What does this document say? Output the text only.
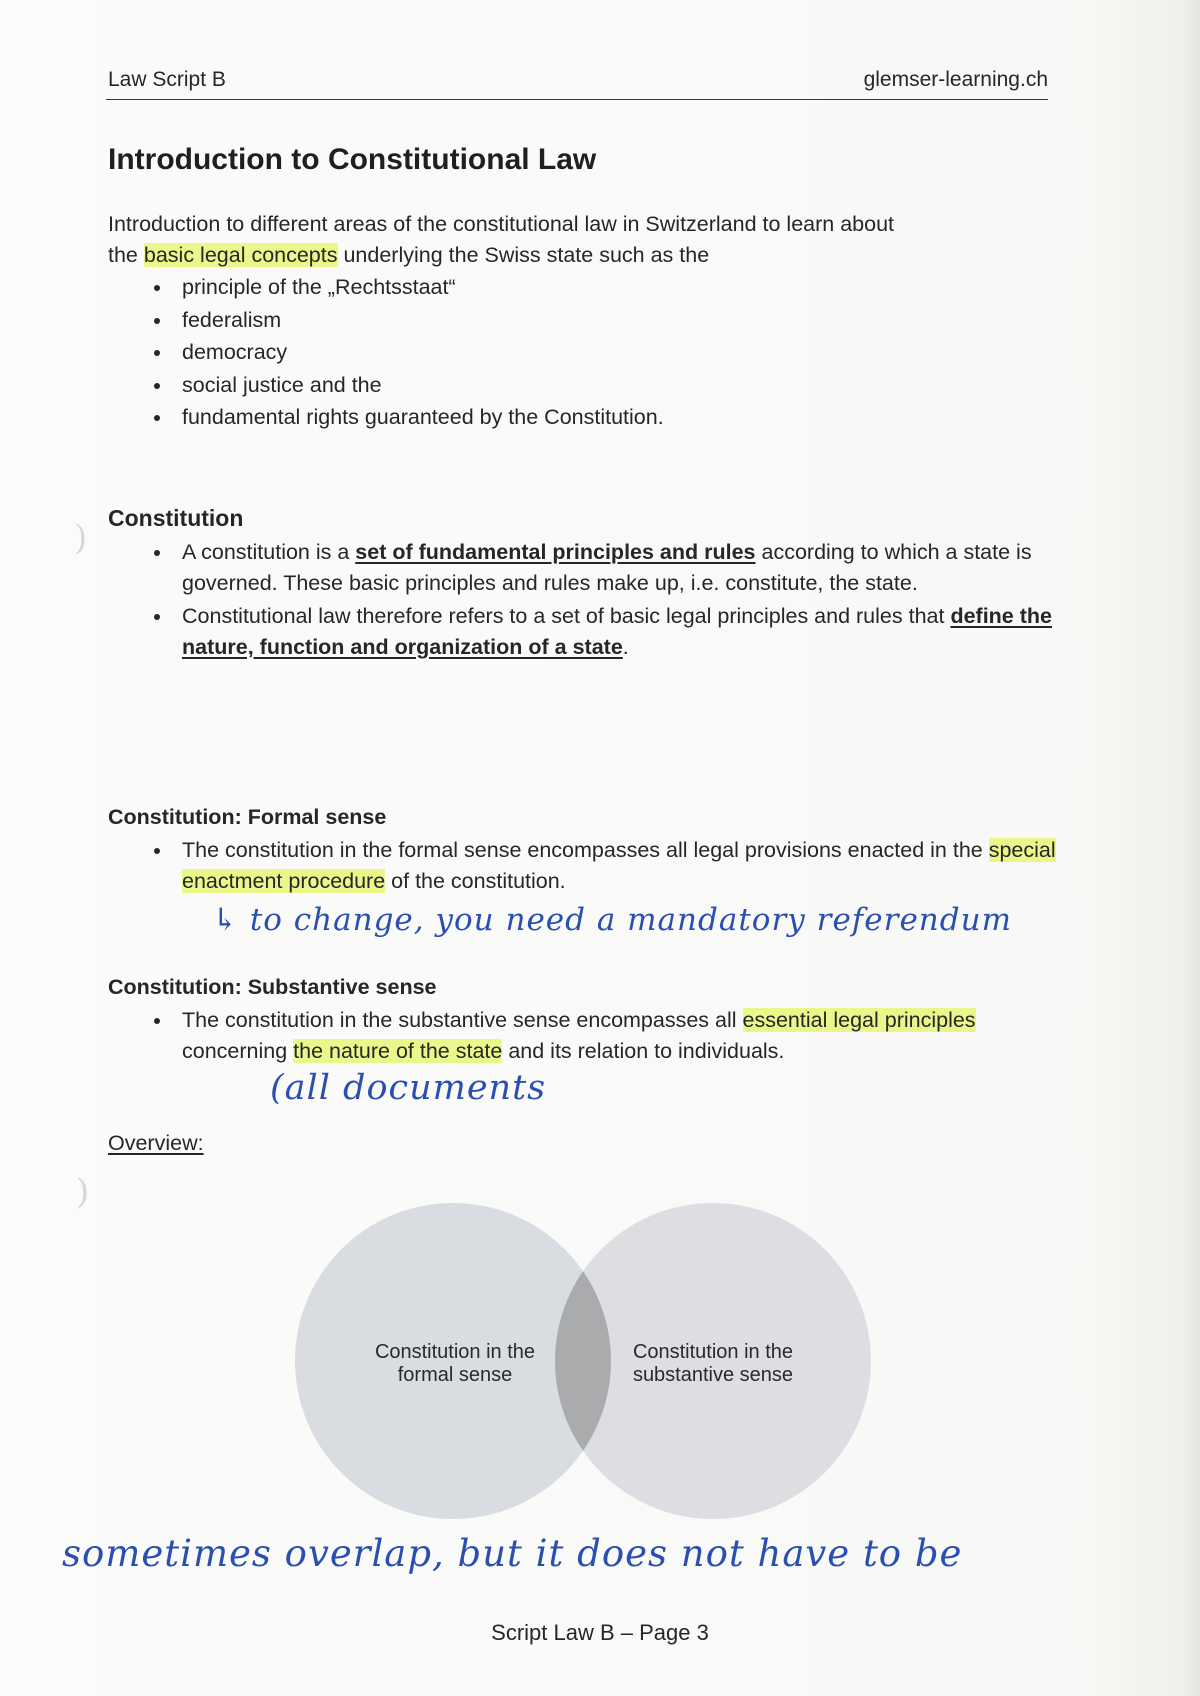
Law Script B	glemser-learning.ch
Introduction to Constitutional Law
Introduction to different areas of the constitutional law in Switzerland to learn about
the basic legal concepts underlying the Swiss state such as the
principle of the „Rechtsstaat“
federalism
democracy
social justice and the
fundamental rights guaranteed by the Constitution.
) Constitution
A constitution is a set of fundamental principles and rules according to which a state is governed. These basic principles and rules make up, i.e. constitute, the state.
Constitutional law therefore refers to a set of basic legal principles and rules that define the nature, function and organization of a state.
Constitution: Formal sense
The constitution in the formal sense encompasses all legal provisions enacted in the special enactment procedure of the constitution.
↳ to change, you need a mandatory referendum
Constitution: Substantive sense
The constitution in the substantive sense encompasses all essential legal principles concerning the nature of the state and its relation to individuals.
(all documents
Overview:
)
Constitution in the
formal sense
Constitution in the
substantive sense
sometimes overlap, but it does not have to be
Script Law B – Page 3
